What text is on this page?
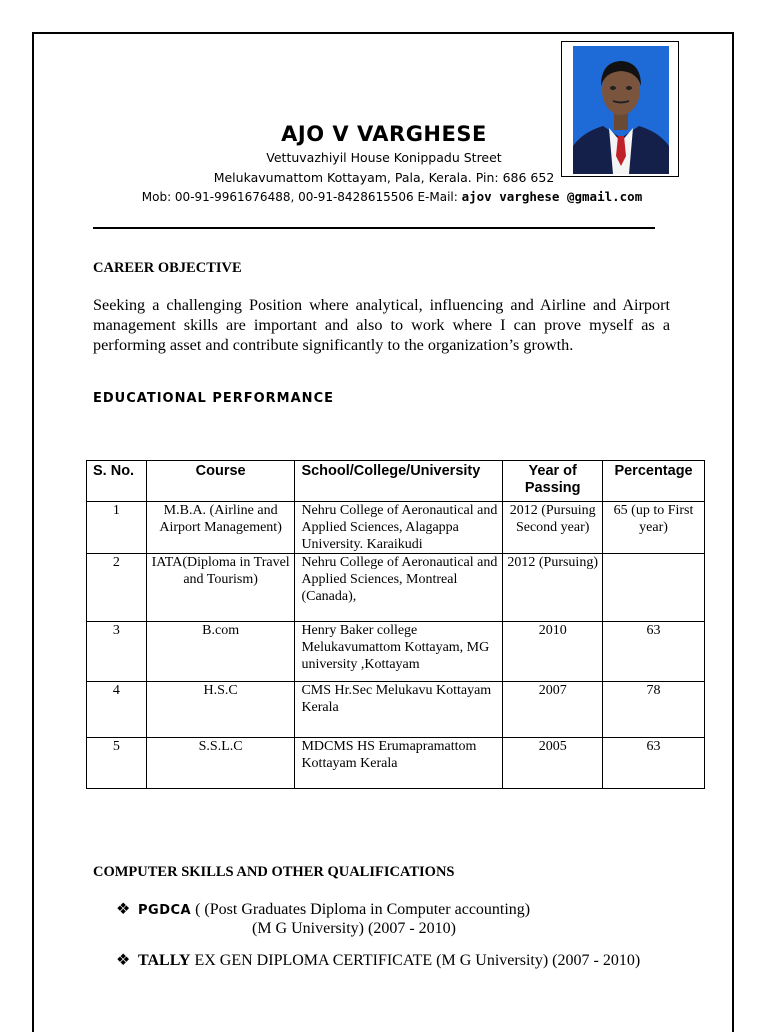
AJO V VARGHESE
Vettuvazhiyil House Konippadu Street
Melukavumattom Kottayam, Pala, Kerala. Pin: 686 652
Mob: 00-91-9961676488, 00-91-8428615506 E-Mail: ajov varghese @gmail.com
CAREER OBJECTIVE
Seeking a challenging Position where analytical, influencing and Airline and Airport management skills are important and also to work where I can prove myself as a performing asset and contribute significantly to the organization’s growth.
EDUCATIONAL PERFORMANCE
S. No.	Course	School/College/University	Year of Passing	Percentage
1	M.B.A. (Airline and Airport Management)	Nehru College of Aeronautical and Applied Sciences, Alagappa University. Karaikudi	2012 (Pursuing Second year)	65 (up to First year)
2	IATA(Diploma in Travel and Tourism)	Nehru College of Aeronautical and Applied Sciences, Montreal (Canada),	2012 (Pursuing)	
3	B.com	Henry Baker college Melukavumattom Kottayam, MG university ,Kottayam	2010	63
4	H.S.C	CMS Hr.Sec Melukavu Kottayam Kerala	2007	78
5	S.S.L.C	MDCMS HS Erumapramattom Kottayam Kerala	2005	63
COMPUTER SKILLS AND OTHER QUALIFICATIONS
❖ PGDCA ( (Post Graduates Diploma in Computer accounting)
(M G University) (2007 - 2010)
❖ TALLY EX GEN DIPLOMA CERTIFICATE (M G University) (2007 - 2010)
